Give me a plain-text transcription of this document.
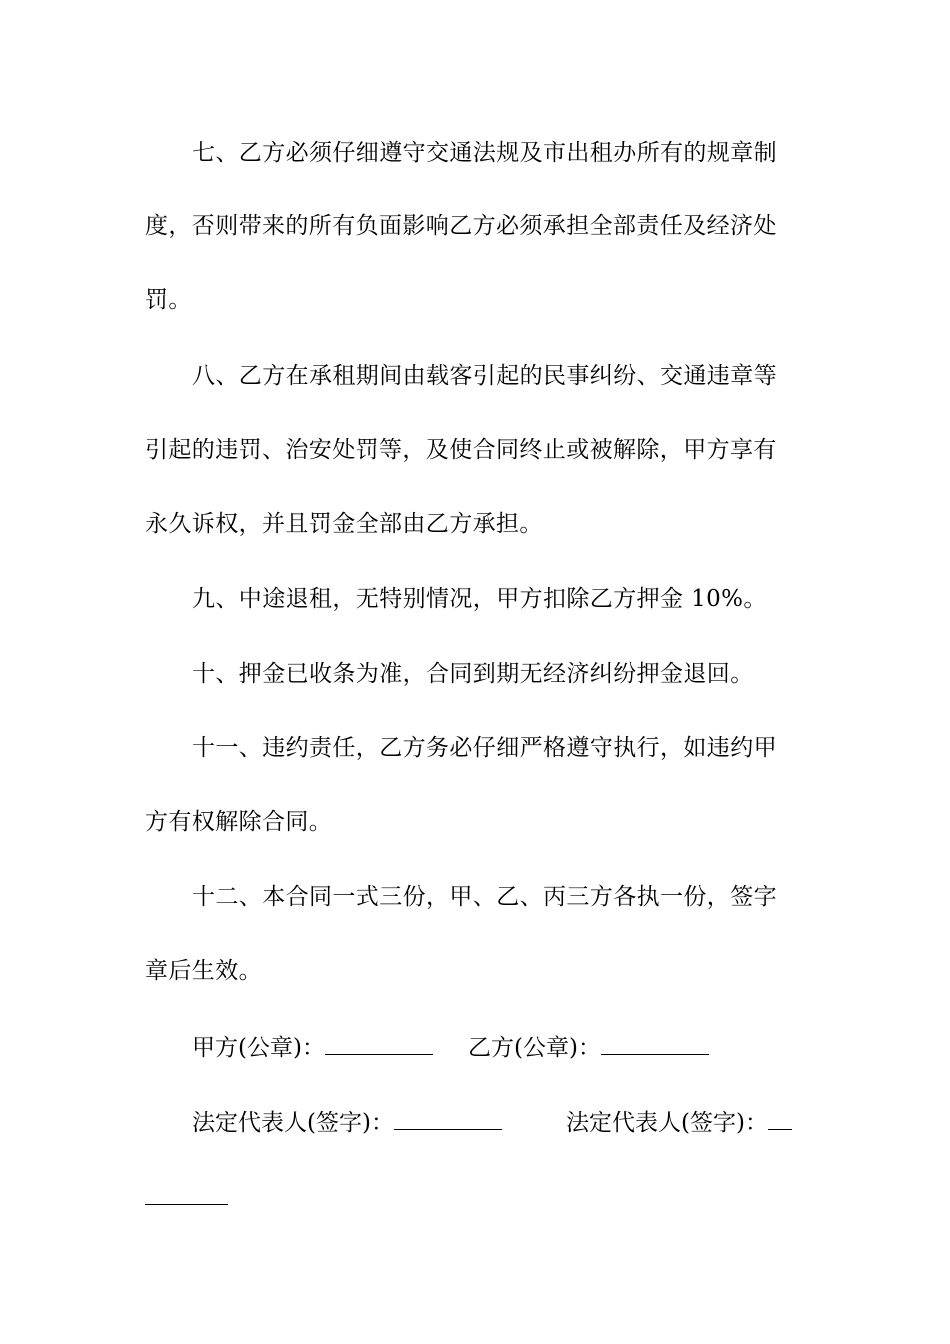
七、乙方必须仔细遵守交通法规及市出租办所有的规章制
度，否则带来的所有负面影响乙方必须承担全部责任及经济处
罚。
八、乙方在承租期间由载客引起的民事纠纷、交通违章等
引起的违罚、治安处罚等，及使合同终止或被解除，甲方享有
永久诉权，并且罚金全部由乙方承担。
九、中途退租，无特别情况，甲方扣除乙方押金 10%。
十、押金已收条为准，合同到期无经济纠纷押金退回。
十一、违约责任，乙方务必仔细严格遵守执行，如违约甲
方有权解除合同。
十二、本合同一式三份，甲、乙、丙三方各执一份，签字
章后生效。
甲方(公章)：	乙方(公章)：
法定代表人(签字)：	法定代表人(签字)：
